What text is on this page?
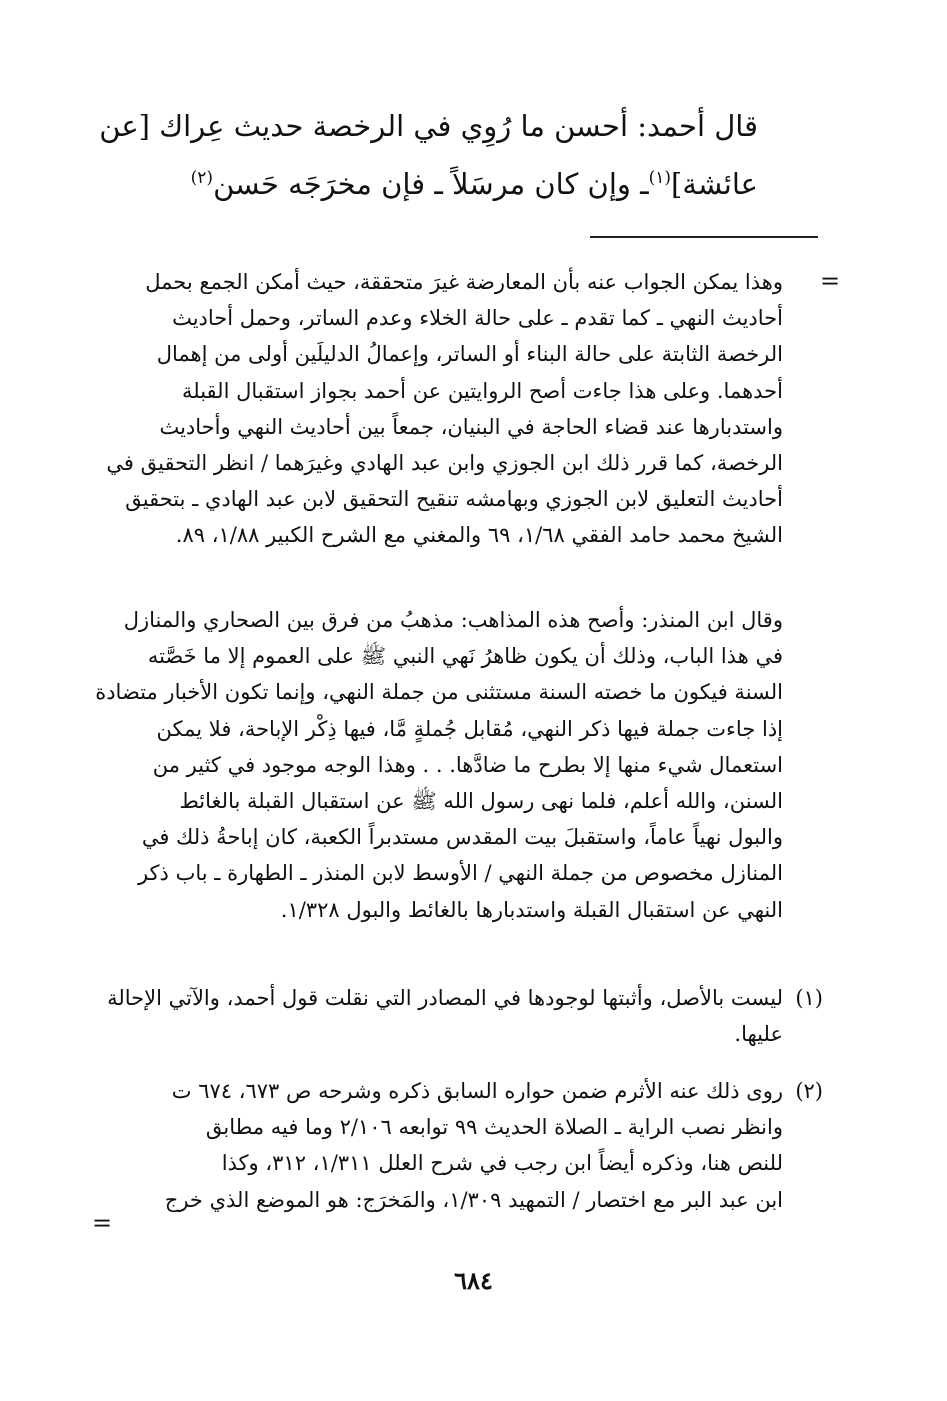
قال أحمد: أحسن ما رُوِي في الرخصة حديث عِراك [عن
عائشة]$^{(١)}$ـ وإن كان مرسَلاً ـ فإن مخرَجَه حَسن$^{(٢)}$
=
وهذا يمكن الجواب عنه بأن المعارضة غيرَ متحققة، حيث أمكن الجمع بحمل
أحاديث النهي ـ كما تقدم ـ على حالة الخلاء وعدم الساتر، وحمل أحاديث
الرخصة الثابتة على حالة البناء أو الساتر، وإعمالُ الدليلَين أولى من إهمال
أحدهما. وعلى هذا جاءت أصح الروايتين عن أحمد بجواز استقبال القبلة
واستدبارها عند قضاء الحاجة في البنيان، جمعاً بين أحاديث النهي وأحاديث
الرخصة، كما قرر ذلك ابن الجوزي وابن عبد الهادي وغيرَهما / انظر التحقيق في
أحاديث التعليق لابن الجوزي وبهامشه تنقيح التحقيق لابن عبد الهادي ـ بتحقيق
الشيخ محمد حامد الفقي ١/٦٨، ٦٩ والمغني مع الشرح الكبير ١/٨٨، ٨٩.
وقال ابن المنذر: وأصح هذه المذاهب: مذهبُ من فرق بين الصحاري والمنازل
في هذا الباب، وذلك أن يكون ظاهرُ نَهي النبي ﷺ على العموم إلا ما خَصَّته
السنة فيكون ما خصته السنة مستثنى من جملة النهي، وإنما تكون الأخبار متضادة
إذا جاءت جملة فيها ذكر النهي، مُقابل جُملةٍ مَّا، فيها ذِكْر الإباحة، فلا يمكن
استعمال شيء منها إلا بطرح ما ضادَّها. . . وهذا الوجه موجود في كثير من
السنن، والله أعلم، فلما نهى رسول الله ﷺ عن استقبال القبلة بالغائط
والبول نهياً عاماً، واستقبلَ بيت المقدس مستدبراً الكعبة، كان إباحةُ ذلك في
المنازل مخصوص من جملة النهي / الأوسط لابن المنذر ـ الطهارة ـ باب ذكر
النهي عن استقبال القبلة واستدبارها بالغائط والبول ١/٣٢٨.
(١)ليست بالأصل، وأثبتها لوجودها في المصادر التي نقلت قول أحمد، والآتي الإحالة
عليها.
(٢)روى ذلك عنه الأثرم ضمن حواره السابق ذكره وشرحه ص ٦٧٣، ٦٧٤ ت
وانظر نصب الراية ـ الصلاة الحديث ٩٩ توابعه ٢/١٠٦ وما فيه مطابق
للنص هنا، وذكره أيضاً ابن رجب في شرح العلل ١/٣١١، ٣١٢، وكذا
ابن عبد البر مع اختصار / التمهيد ١/٣٠٩، والمَخرَج: هو الموضع الذي خرج
=
٦٨٤
